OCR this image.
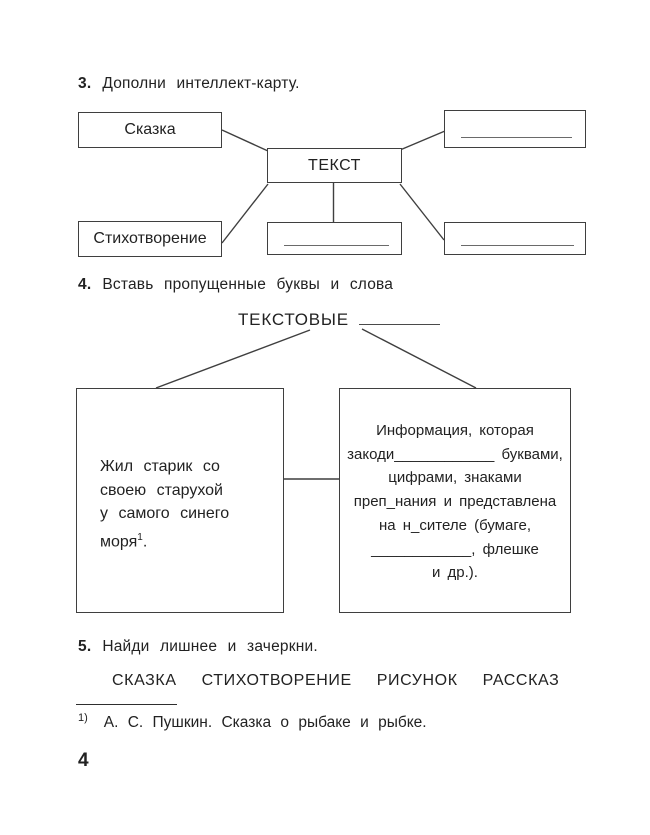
3. Дополни интеллект-карту.
Сказка
ТЕКСТ
Стихотворение
4. Вставь пропущенные буквы и слова
ТЕКСТОВЫЕ
Жил старик со
своею старухой
у самого синего
моря$^1$.
Информация, которая
закоди____________ буквами,
цифрами, знаками
преп_нания и представлена
на н_сителе (бумаге,
____________, флешке
и др.).
5. Найди лишнее и зачеркни.
СКАЗКА СТИХОТВОРЕНИЕ РИСУНОК РАССКАЗ
$^{1)}$ А. С. Пушкин. Сказка о рыбаке и рыбке.
4
